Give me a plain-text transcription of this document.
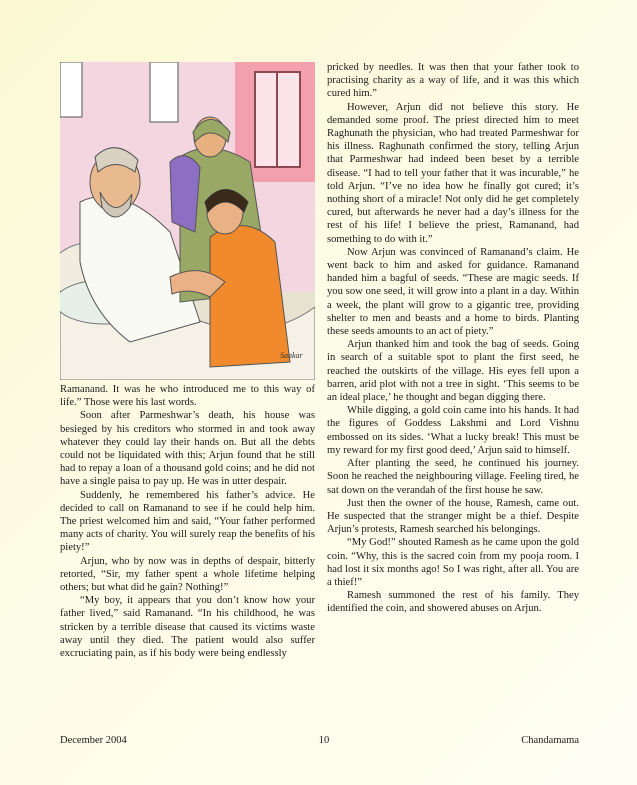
Sankar

Ramanand. It was he who introduced me to this way of life.” Those were his last words.

Soon after Parmeshwar’s death, his house was besieged by his creditors who stormed in and took away whatever they could lay their hands on. But all the debts could not be liquidated with this; Arjun found that he still had to repay a loan of a thousand gold coins; and he did not have a single paisa to pay up. He was in utter despair.

Suddenly, he remembered his father’s advice. He decided to call on Ramanand to see if he could help him. The priest welcomed him and said, “Your father performed many acts of charity. You will surely reap the benefits of his piety!”

Arjun, who by now was in depths of despair, bitterly retorted, “Sir, my father spent a whole lifetime helping others; but what did he gain? Nothing!”

“My boy, it appears that you don’t know how your father lived,” said Ramanand. “In his childhood, he was stricken by a terrible disease that caused its victims waste away until they died. The patient would also suffer excruciating pain, as if his body were being endlessly

pricked by needles. It was then that your father took to practising charity as a way of life, and it was this which cured him.”

However, Arjun did not believe this story. He demanded some proof. The priest directed him to meet Raghunath the physician, who had treated Parmeshwar for his illness. Raghunath confirmed the story, telling Arjun that Parmeshwar had indeed been beset by a terrible disease. “I had to tell your father that it was incurable,” he told Arjun. “I’ve no idea how he finally got cured; it’s nothing short of a miracle! Not only did he get completely cured, but afterwards he never had a day’s illness for the rest of his life! I believe the priest, Ramanand, had something to do with it.”

Now Arjun was convinced of Ramanand’s claim. He went back to him and asked for guidance. Ramanand handed him a bagful of seeds. “These are magic seeds. If you sow one seed, it will grow into a plant in a day. Within a week, the plant will grow to a gigantic tree, providing shelter to men and beasts and a home to birds. Planting these seeds amounts to an act of piety.”

Arjun thanked him and took the bag of seeds. Going in search of a suitable spot to plant the first seed, he reached the outskirts of the village. His eyes fell upon a barren, arid plot with not a tree in sight. ‘This seems to be an ideal place,’ he thought and began digging there.

While digging, a gold coin came into his hands. It had the figures of Goddess Lakshmi and Lord Vishnu embossed on its sides. ‘What a lucky break! This must be my reward for my first good deed,’ Arjun said to himself.

After planting the seed, he continued his journey. Soon he reached the neighbouring village. Feeling tired, he sat down on the verandah of the first house he saw.

Just then the owner of the house, Ramesh, came out. He suspected that the stranger might be a thief. Despite Arjun’s protests, Ramesh searched his belongings.

“My God!” shouted Ramesh as he came upon the gold coin. “Why, this is the sacred coin from my pooja room. I had lost it six months ago! So I was right, after all. You are a thief!”

Ramesh summoned the rest of his family. They identified the coin, and showered abuses on Arjun.

December 2004	10	Chandamama
